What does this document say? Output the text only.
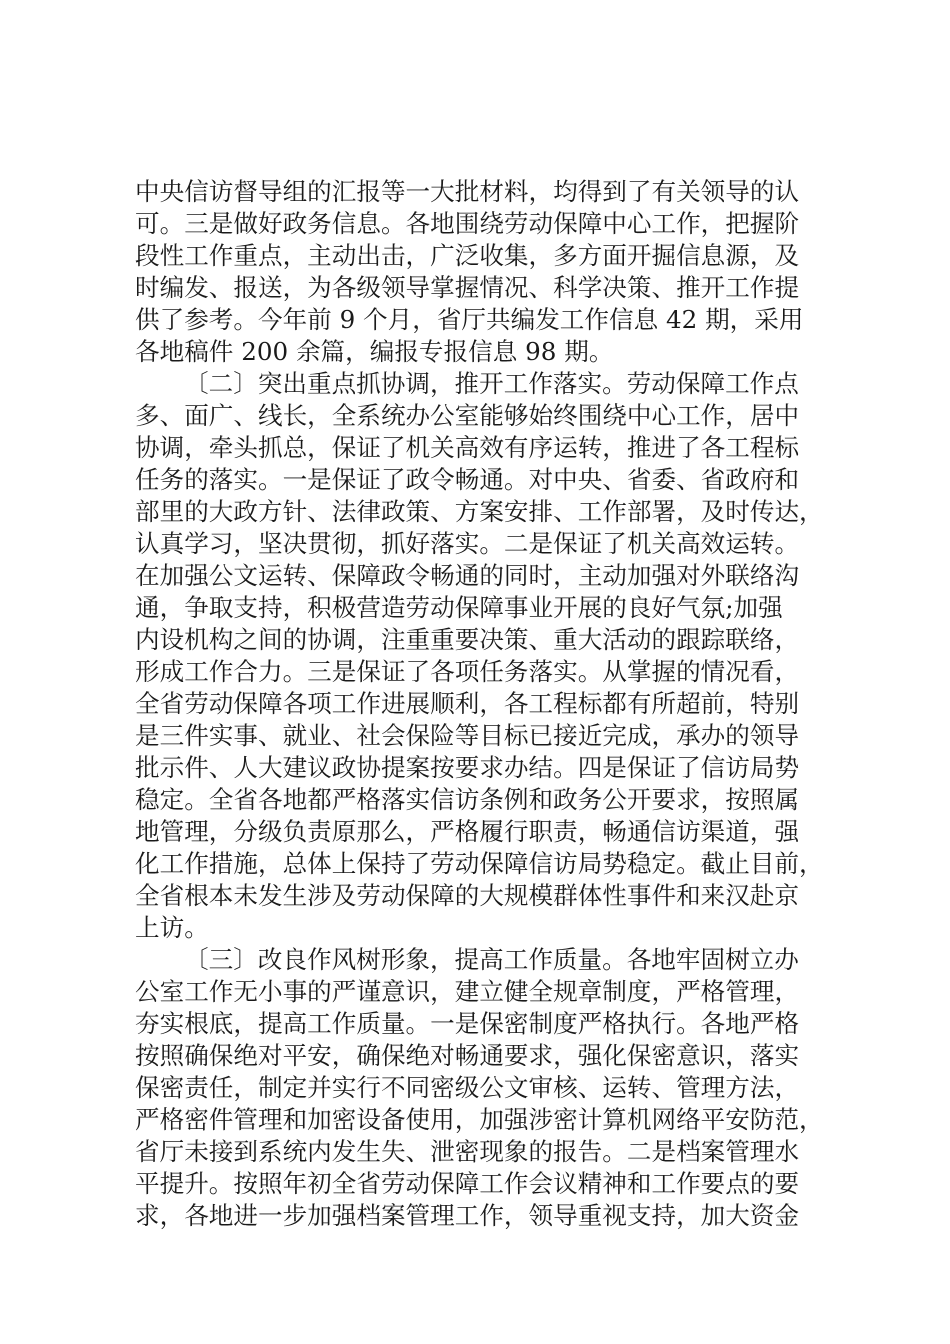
中央信访督导组的汇报等一大批材料，均得到了有关领导的认
可。三是做好政务信息。各地围绕劳动保障中心工作，把握阶
段性工作重点，主动出击，广泛收集，多方面开掘信息源，及
时编发、报送，为各级领导掌握情况、科学决策、推开工作提
供了参考。今年前 9 个月，省厅共编发工作信息 42 期，采用
各地稿件 200 余篇，编报专报信息 98 期。
〔二〕突出重点抓协调，推开工作落实。劳动保障工作点
多、面广、线长，全系统办公室能够始终围绕中心工作，居中
协调，牵头抓总，保证了机关高效有序运转，推进了各工程标
任务的落实。一是保证了政令畅通。对中央、省委、省政府和
部里的大政方针、法律政策、方案安排、工作部署，及时传达，
认真学习，坚决贯彻，抓好落实。二是保证了机关高效运转。
在加强公文运转、保障政令畅通的同时，主动加强对外联络沟
通，争取支持，积极营造劳动保障事业开展的良好气氛;加强
内设机构之间的协调，注重重要决策、重大活动的跟踪联络，
形成工作合力。三是保证了各项任务落实。从掌握的情况看，
全省劳动保障各项工作进展顺利，各工程标都有所超前，特别
是三件实事、就业、社会保险等目标已接近完成，承办的领导
批示件、人大建议政协提案按要求办结。四是保证了信访局势
稳定。全省各地都严格落实信访条例和政务公开要求，按照属
地管理，分级负责原那么，严格履行职责，畅通信访渠道，强
化工作措施，总体上保持了劳动保障信访局势稳定。截止目前，
全省根本未发生涉及劳动保障的大规模群体性事件和来汉赴京
上访。
〔三〕改良作风树形象，提高工作质量。各地牢固树立办
公室工作无小事的严谨意识，建立健全规章制度，严格管理，
夯实根底，提高工作质量。一是保密制度严格执行。各地严格
按照确保绝对平安，确保绝对畅通要求，强化保密意识，落实
保密责任，制定并实行不同密级公文审核、运转、管理方法，
严格密件管理和加密设备使用，加强涉密计算机网络平安防范，
省厅未接到系统内发生失、泄密现象的报告。二是档案管理水
平提升。按照年初全省劳动保障工作会议精神和工作要点的要
求，各地进一步加强档案管理工作，领导重视支持，加大资金
